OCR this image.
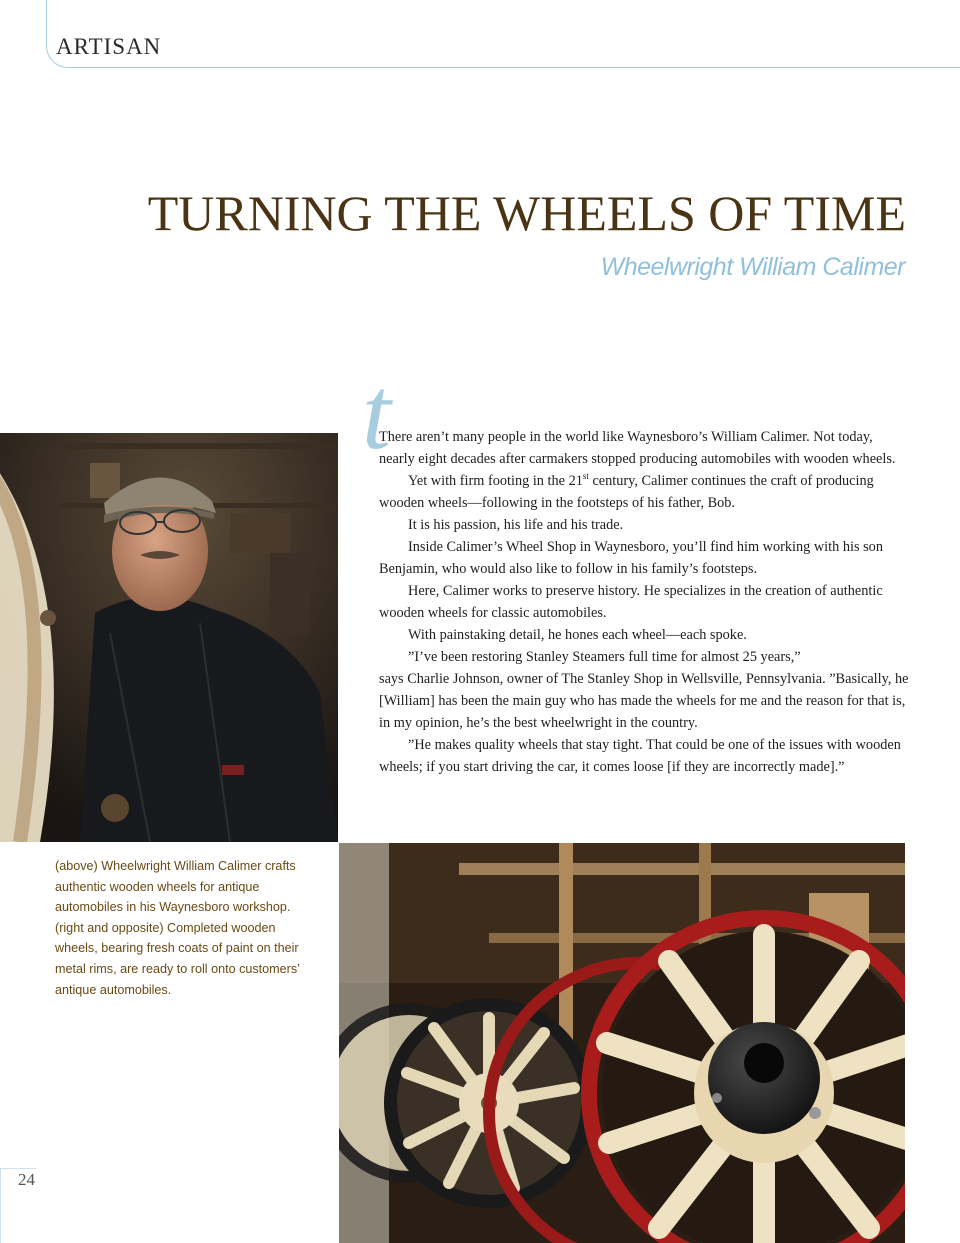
ARTISAN
TURNING THE WHEELS OF TIME
Wheelwright William Calimer
t

There aren’t many people in the world like Waynesboro’s William Calimer. Not today, nearly eight decades after carmakers stopped producing automobiles with wooden wheels.

Yet with firm footing in the 21st century, Calimer continues the craft of producing wooden wheels—following in the footsteps of his father, Bob.

It is his passion, his life and his trade.

Inside Calimer’s Wheel Shop in Waynesboro, you’ll find him working with his son Benjamin, who would also like to follow in his family’s footsteps.

Here, Calimer works to preserve history. He specializes in the creation of authentic wooden wheels for classic automobiles.

With painstaking detail, he hones each wheel—each spoke.

”I’ve been restoring Stanley Steamers full time for almost 25 years,”

says Charlie Johnson, owner of The Stanley Shop in Wellsville, Pennsylvania. ”Basically, he [William] has been the main guy who has made the wheels for me and the reason for that is, in my opinion, he’s the best wheelwright in the country.

”He makes quality wheels that stay tight. That could be one of the issues with wooden wheels; if you start driving the car, it comes loose [if they are incorrectly made].”

(above) Wheelwright William Calimer crafts authentic wooden wheels for antique automobiles in his Waynesboro workshop. (right and opposite) Completed wooden wheels, bearing fresh coats of paint on their metal rims, are ready to roll onto customers’ antique automobiles.
24
